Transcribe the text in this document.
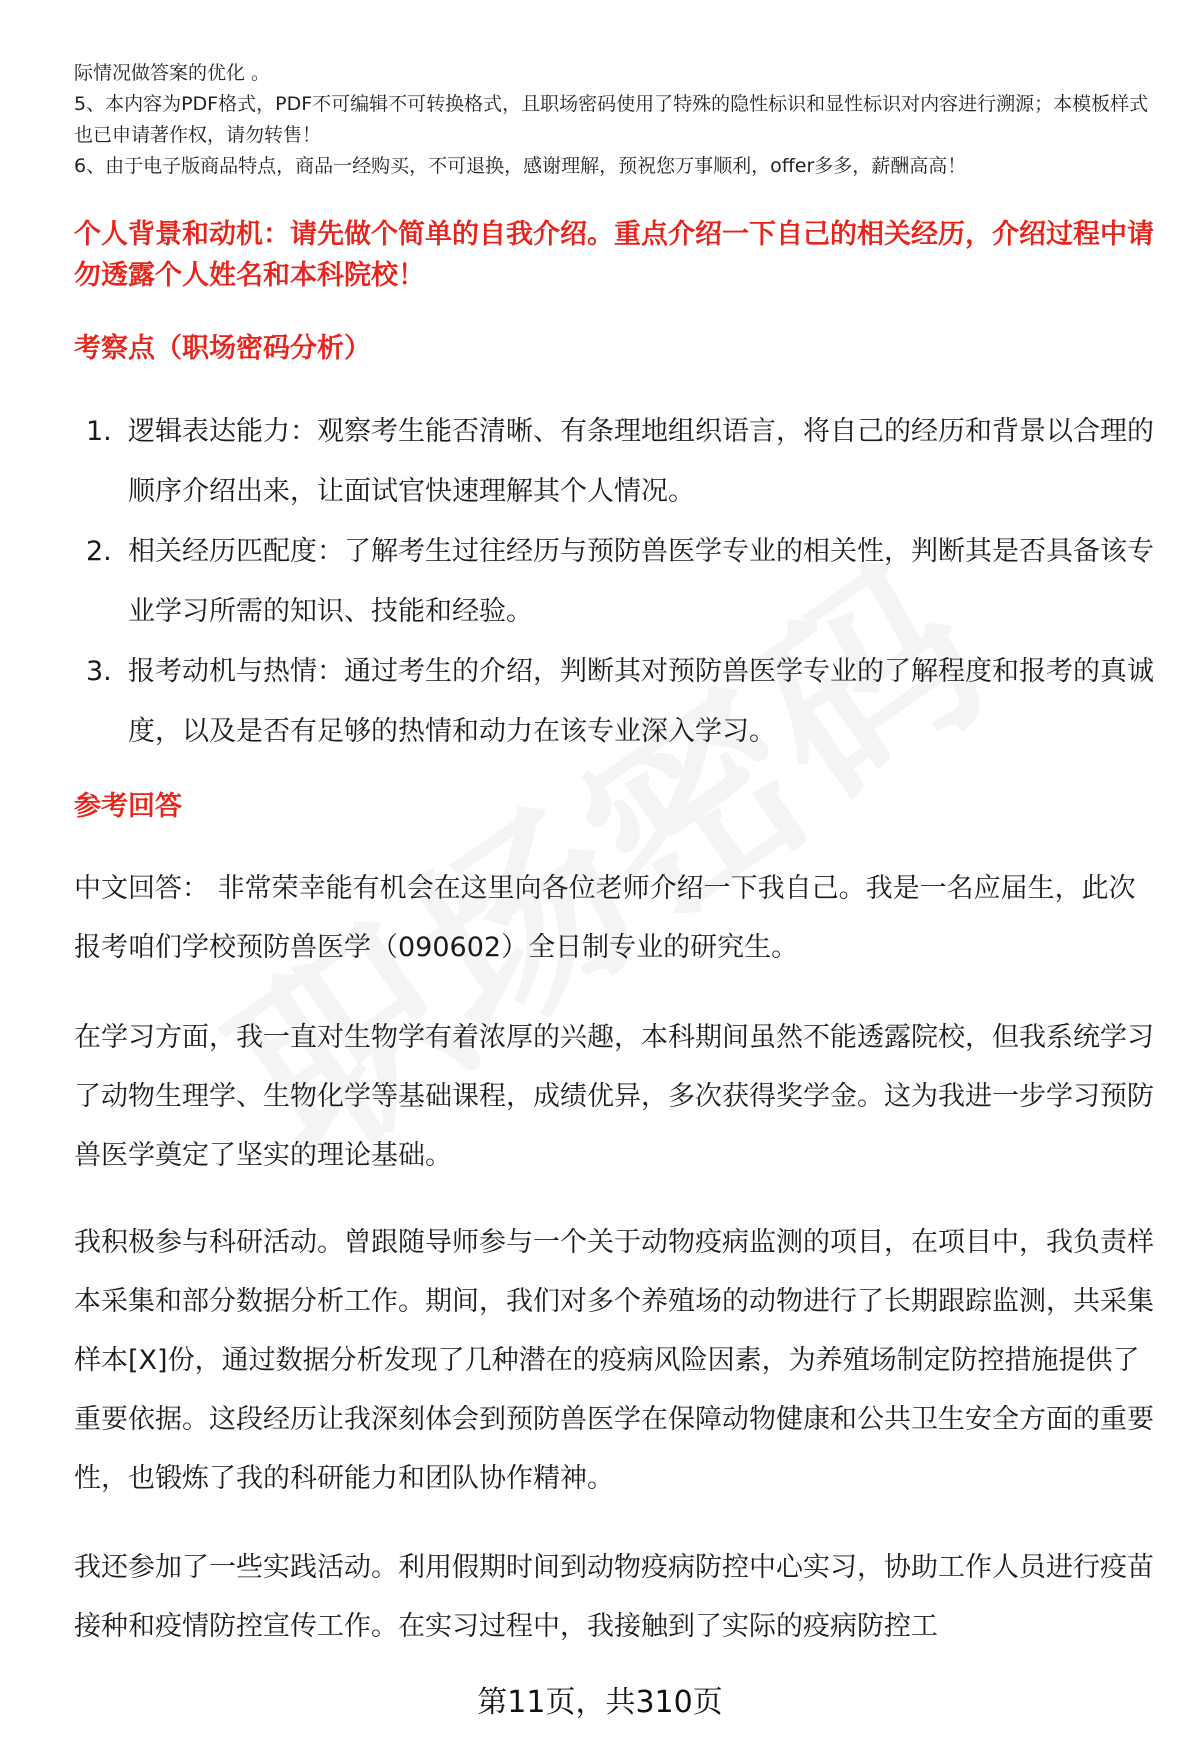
际情况做答案的优化 。

5、本内容为PDF格式，PDF不可编辑不可转换格式，且职场密码使用了特殊的隐性标识和显性标识对内容进行溯源；本模板样式也已申请著作权，请勿转售！

6、由于电子版商品特点，商品一经购买，不可退换，感谢理解，预祝您万事顺利，offer多多，薪酬高高！

个人背景和动机：请先做个简单的自我介绍。重点介绍一下自己的相关经历，介绍过程中请勿透露个人姓名和本科院校！
考察点（职场密码分析）
1. 逻辑表达能力：观察考生能否清晰、有条理地组织语言，将自己的经历和背景以合理的顺序介绍出来，让面试官快速理解其个人情况。
2. 相关经历匹配度：了解考生过往经历与预防兽医学专业的相关性，判断其是否具备该专业学习所需的知识、技能和经验。
3. 报考动机与热情：通过考生的介绍，判断其对预防兽医学专业的了解程度和报考的真诚度，以及是否有足够的热情和动力在该专业深入学习。
参考回答

中文回答： 非常荣幸能有机会在这里向各位老师介绍一下我自己。我是一名应届生，此次报考咱们学校预防兽医学（090602）全日制专业的研究生。

在学习方面，我一直对生物学有着浓厚的兴趣，本科期间虽然不能透露院校，但我系统学习了动物生理学、生物化学等基础课程，成绩优异，多次获得奖学金。这为我进一步学习预防兽医学奠定了坚实的理论基础。

我积极参与科研活动。曾跟随导师参与一个关于动物疫病监测的项目，在项目中，我负责样本采集和部分数据分析工作。期间，我们对多个养殖场的动物进行了长期跟踪监测，共采集样本[X]份，通过数据分析发现了几种潜在的疫病风险因素，为养殖场制定防控措施提供了重要依据。这段经历让我深刻体会到预防兽医学在保障动物健康和公共卫生安全方面的重要性，也锻炼了我的科研能力和团队协作精神。

我还参加了一些实践活动。利用假期时间到动物疫病防控中心实习，协助工作人员进行疫苗接种和疫情防控宣传工作。在实习过程中，我接触到了实际的疫病防控工

第11页，共310页
